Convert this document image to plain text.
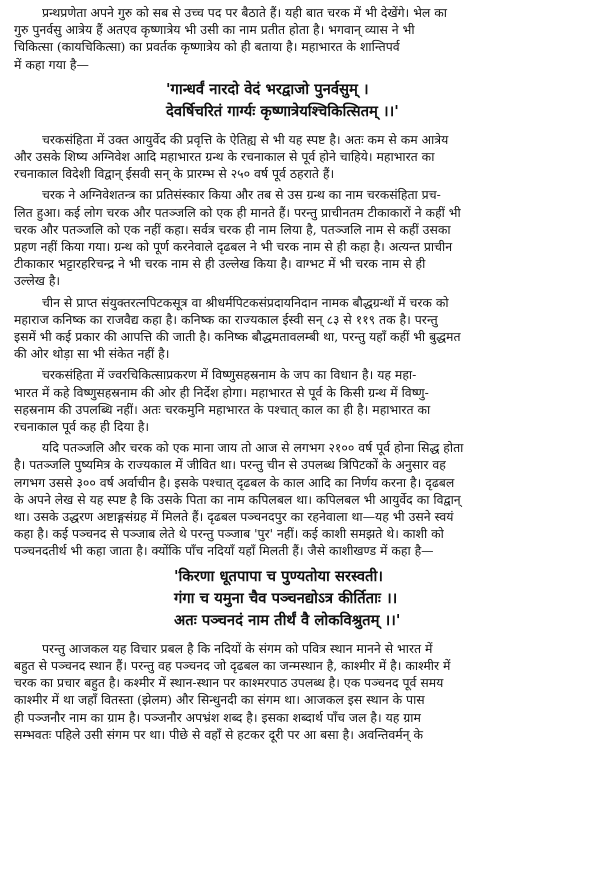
प्रन्थप्रणेता अपने गुरु को सब से उच्च पद पर बैठाते हैं। यही बात चरक में भी देखेंगे। भेल का
गुरु पुनर्वसु आत्रेय हैं अतएव कृष्णात्रेय भी उसी का नाम प्रतीत होता है। भगवान् व्यास ने भी
चिकित्सा (कायचिकित्सा) का प्रवर्तक कृष्णात्रेय को ही बताया है। महाभारत के शान्तिपर्व
में कहा गया है—
'गान्धर्वं नारदो वेदं भरद्वाजो पुनर्वसुम् ।
देवर्षिचरितं गार्ग्यः कृष्णात्रेयश्चिकित्सितम् ।।'
चरकसंहिता में उक्त आयुर्वेद की प्रवृत्ति के ऐतिह्य से भी यह स्पष्ट है। अतः कम से कम आत्रेय
और उसके शिष्य अग्निवेश आदि महाभारत ग्रन्थ के रचनाकाल से पूर्व होने चाहिये। महाभारत का
रचनाकाल विदेशी विद्वान् ईसवी सन् के प्रारम्भ से २५० वर्ष पूर्व ठहराते हैं।
चरक ने अग्निवेशतन्त्र का प्रतिसंस्कार किया और तब से उस ग्रन्थ का नाम चरकसंहिता प्रच-
लित हुआ। कई लोग चरक और पतञ्जलि को एक ही मानते हैं। परन्तु प्राचीनतम टीकाकारों ने कहीं भी
चरक और पतञ्जलि को एक नहीं कहा। सर्वत्र चरक ही नाम लिया है, पतञ्जलि नाम से कहीं उसका
प्रहण नहीं किया गया। ग्रन्थ को पूर्ण करनेवाले दृढबल ने भी चरक नाम से ही कहा है। अत्यन्त प्राचीन
टीकाकार भट्टारहरिचन्द्र ने भी चरक नाम से ही उल्लेख किया है। वाग्भट में भी चरक नाम से ही
उल्लेख है।
चीन से प्राप्त संयुक्तरत्नपिटकसूत्र वा श्रीधर्मपिटकसंप्रदायनिदान नामक बौद्धग्रन्थों में चरक को
महाराज कनिष्क का राजवैद्य कहा है। कनिष्क का राज्यकाल ईस्वी सन् ८३ से ११९ तक है। परन्तु
इसमें भी कई प्रकार की आपत्ति की जाती है। कनिष्क बौद्धमतावलम्बी था, परन्तु यहाँ कहीं भी बुद्धमत
की ओर थोड़ा सा भी संकेत नहीं है।
चरकसंहिता में ज्वरचिकित्साप्रकरण में विष्णुसहस्रनाम के जप का विधान है। यह महा-
भारत में कहे विष्णुसहस्रनाम की ओर ही निर्देश होगा। महाभारत से पूर्व के किसी ग्रन्थ में विष्णु-
सहस्रनाम की उपलब्धि नहीं। अतः चरकमुनि महाभारत के पश्चात् काल का ही है। महाभारत का
रचनाकाल पूर्व कह ही दिया है।
यदि पतञ्जलि और चरक को एक माना जाय तो आज से लगभग २१०० वर्ष पूर्व होना सिद्ध होता
है। पतञ्जलि पुष्यमित्र के राज्यकाल में जीवित था। परन्तु चीन से उपलब्ध त्रिपिटकों के अनुसार वह
लगभग उससे ३०० वर्ष अर्वाचीन है। इसके पश्चात् दृढबल के काल आदि का निर्णय करना है। दृढबल
के अपने लेख से यह स्पष्ट है कि उसके पिता का नाम कपिलबल था। कपिलबल भी आयुर्वेद का विद्वान्
था। उसके उद्धरण अष्टाङ्गसंग्रह में मिलते हैं। दृढबल पञ्चनदपुर का रहनेवाला था—यह भी उसने स्वयं
कहा है। कई पञ्चनद से पञ्जाब लेते थे परन्तु पञ्जाब 'पुर' नहीं। कई काशी समझते थे। काशी को
पञ्चनदतीर्थ भी कहा जाता है। क्योंकि पाँच नदियाँ यहाँ मिलती हैं। जैसे काशीखण्ड में कहा है—
'किरणा धूतपापा च पुण्यतोया सरस्वती।
गंगा च यमुना चैव पञ्चनद्योऽत्र कीर्तिताः ।।
अतः पञ्चनदं नाम तीर्थं वै लोकविश्रुतम् ।।'
परन्तु आजकल यह विचार प्रबल है कि नदियों के संगम को पवित्र स्थान मानने से भारत में
बहुत से पञ्चनद स्थान हैं। परन्तु वह पञ्चनद जो दृढबल का जन्मस्थान है, काश्मीर में है। काश्मीर में
चरक का प्रचार बहुत है। कश्मीर में स्थान-स्थान पर काश्मरपाठ उपलब्ध है। एक पञ्चनद पूर्व समय
काश्मीर में था जहाँ वितस्ता (झेलम) और सिन्धुनदी का संगम था। आजकल इस स्थान के पास
ही पञ्जनौर नाम का ग्राम है। पञ्जनौर अपभ्रंश शब्द है। इसका शब्दार्थ पाँच जल है। यह ग्राम
सम्भवतः पहिले उसी संगम पर था। पीछे से वहाँ से हटकर दूरी पर आ बसा है। अवन्तिवर्मन् के
